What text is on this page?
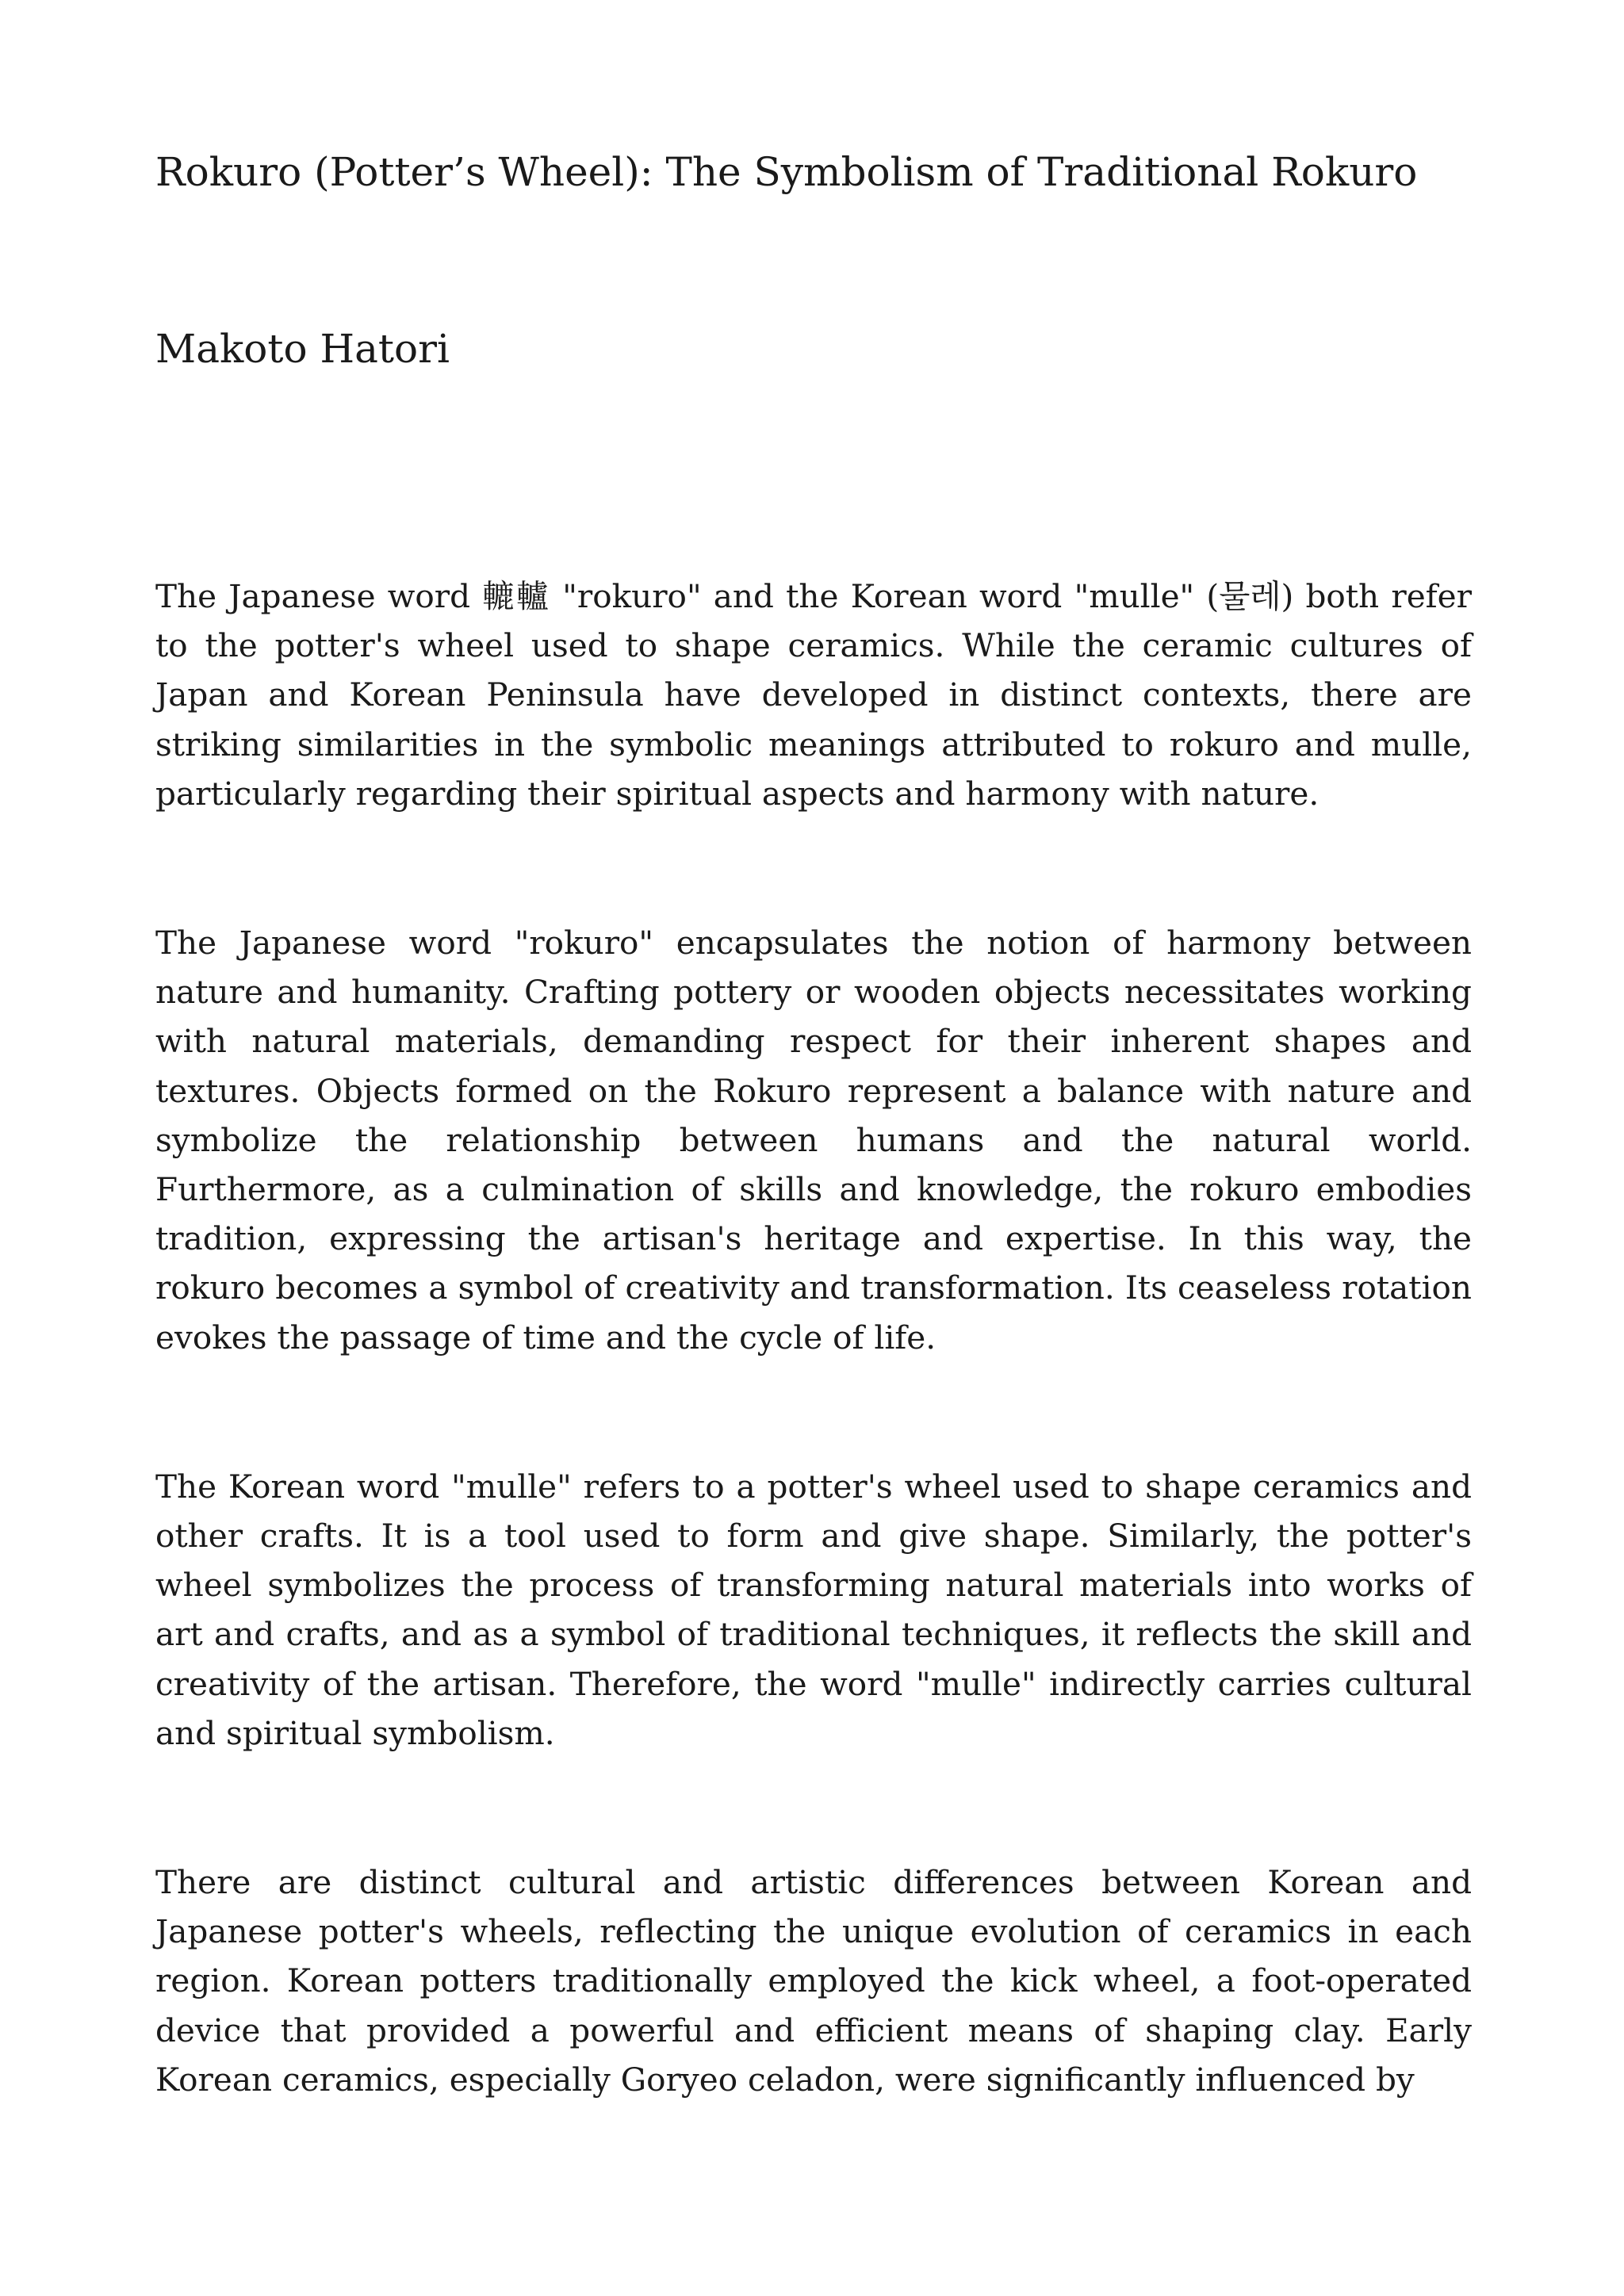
Rokuro (Potter’s Wheel): The Symbolism of Traditional Rokuro
Makoto Hatori

The Japanese word 轆轤 "rokuro" and the Korean word "mulle" (물레) both refer to the potter's wheel used to shape ceramics. While the ceramic cultures of Japan and Korean Peninsula have developed in distinct contexts, there are striking similarities in the symbolic meanings attributed to rokuro and mulle, particularly regarding their spiritual aspects and harmony with nature.

The Japanese word "rokuro" encapsulates the notion of harmony between nature and humanity. Crafting pottery or wooden objects necessitates working with natural materials, demanding respect for their inherent shapes and textures. Objects formed on the Rokuro represent a balance with nature and symbolize the relationship between humans and the natural world. Furthermore, as a culmination of skills and knowledge, the rokuro embodies tradition, expressing the artisan's heritage and expertise. In this way, the rokuro becomes a symbol of creativity and transformation. Its ceaseless rotation evokes the passage of time and the cycle of life.

The Korean word "mulle" refers to a potter's wheel used to shape ceramics and other crafts. It is a tool used to form and give shape. Similarly, the potter's wheel symbolizes the process of transforming natural materials into works of art and crafts, and as a symbol of traditional techniques, it reflects the skill and creativity of the artisan. Therefore, the word "mulle" indirectly carries cultural and spiritual symbolism.

There are distinct cultural and artistic differences between Korean and Japanese potter's wheels, reflecting the unique evolution of ceramics in each region. Korean potters traditionally employed the kick wheel, a foot-operated device that provided a powerful and efficient means of shaping clay. Early Korean ceramics, especially Goryeo celadon, were significantly influenced by
